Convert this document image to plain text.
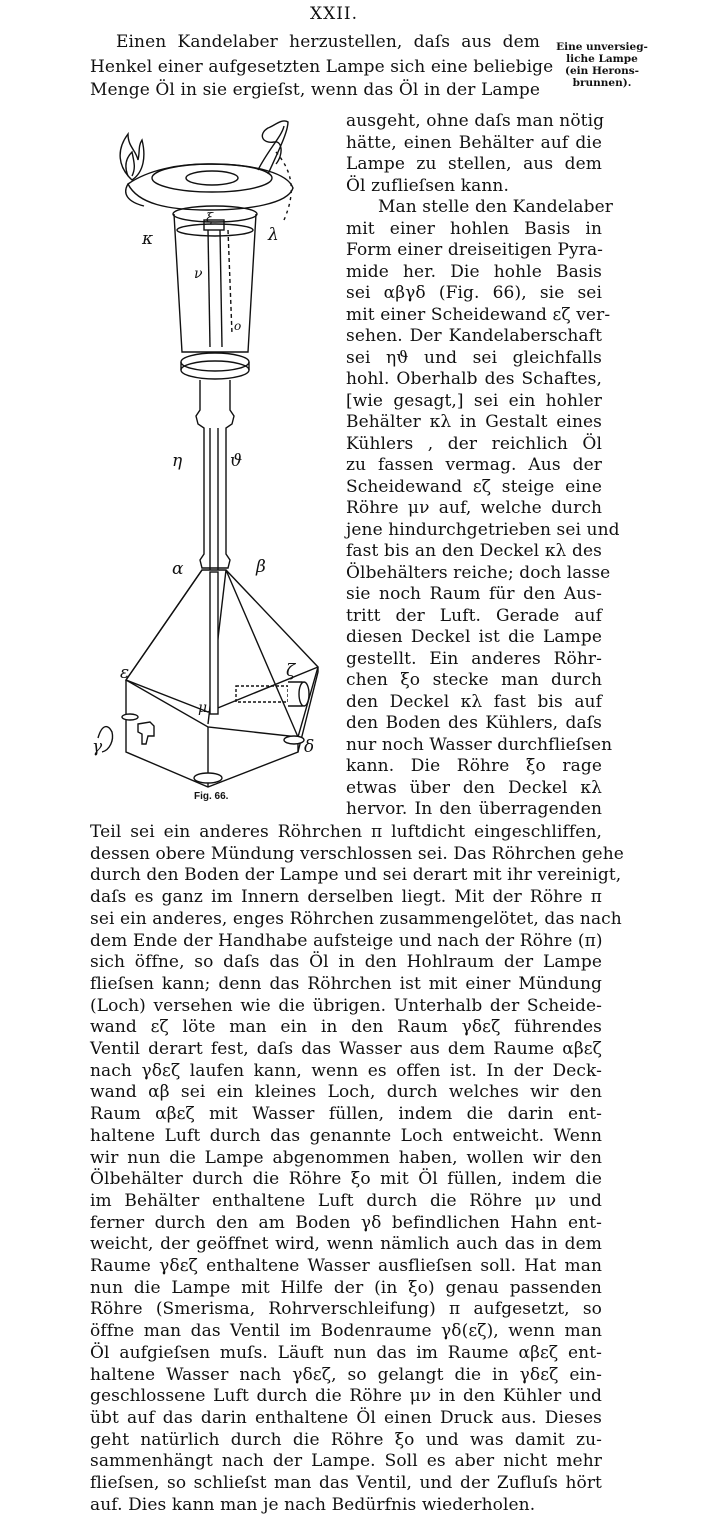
XXII.
Eine unversieg-
liche Lampe
(ein Herons-
brunnen).
Einen Kandelaber herzustellen, daſs aus dem
Henkel einer aufgesetzten Lampe sich eine beliebige
Menge Öl in sie ergieſst, wenn das Öl in der Lampe
ausgeht, ohne daſs man nötig
hätte, einen Behälter auf die
Lampe zu stellen, aus dem
Öl zuflieſsen kann.
Man stelle den Kandelaber
mit einer hohlen Basis in
Form einer dreiseitigen Pyra-
mide her. Die hohle Basis
sei αβγδ (Fig. 66), sie sei
mit einer Scheidewand εζ ver-
sehen. Der Kandelaberschaft
sei ηϑ und sei gleichfalls
hohl. Oberhalb des Schaftes,
[wie gesagt,] sei ein hohler
Behälter κλ in Gestalt eines
Kühlers , der reichlich Öl
zu fassen vermag. Aus der
Scheidewand εζ steige eine
Röhre μν auf, welche durch
jene hindurchgetrieben sei und
fast bis an den Deckel κλ des
Ölbehälters reiche; doch lasse
sie noch Raum für den Aus-
tritt der Luft. Gerade auf
diesen Deckel ist die Lampe
gestellt. Ein anderes Röhr-
chen ξο stecke man durch
den Deckel κλ fast bis auf
den Boden des Kühlers, daſs
nur noch Wasser durchflieſsen
kann. Die Röhre ξο rage
etwas über den Deckel κλ
hervor. In den überragenden
Teil sei ein anderes Röhrchen π luftdicht eingeschliffen,
dessen obere Mündung verschlossen sei. Das Röhrchen gehe
durch den Boden der Lampe und sei derart mit ihr vereinigt,
daſs es ganz im Innern derselben liegt. Mit der Röhre π
sei ein anderes, enges Röhrchen zusammengelötet, das nach
dem Ende der Handhabe aufsteige und nach der Röhre (π)
sich öffne, so daſs das Öl in den Hohlraum der Lampe
flieſsen kann; denn das Röhrchen ist mit einer Mündung
(Loch) versehen wie die übrigen. Unterhalb der Scheide-
wand εζ löte man ein in den Raum γδεζ führendes
Ventil derart fest, daſs das Wasser aus dem Raume αβεζ
nach γδεζ laufen kann, wenn es offen ist. In der Deck-
wand αβ sei ein kleines Loch, durch welches wir den
Raum αβεζ mit Wasser füllen, indem die darin ent-
haltene Luft durch das genannte Loch entweicht. Wenn
wir nun die Lampe abgenommen haben, wollen wir den
Ölbehälter durch die Röhre ξο mit Öl füllen, indem die
im Behälter enthaltene Luft durch die Röhre μν und
ferner durch den am Boden γδ befindlichen Hahn ent-
weicht, der geöffnet wird, wenn nämlich auch das in dem
Raume γδεζ enthaltene Wasser ausflieſsen soll. Hat man
nun die Lampe mit Hilfe der (in ξο) genau passenden
Röhre (Smerisma, Rohrverschleifung) π aufgesetzt, so
öffne man das Ventil im Bodenraume γδ(εζ), wenn man
Öl aufgieſsen muſs. Läuft nun das im Raume αβεζ ent-
haltene Wasser nach γδεζ, so gelangt die in γδεζ ein-
geschlossene Luft durch die Röhre μν in den Kühler und
übt auf das darin enthaltene Öl einen Druck aus. Dieses
geht natürlich durch die Röhre ξο und was damit zu-
sammenhängt nach der Lampe. Soll es aber nicht mehr
flieſsen, so schlieſst man das Ventil, und der Zufluſs hört
auf. Dies kann man je nach Bedürfnis wiederholen.
κ	λ
ξ
ν
ο
η	ϑ
α	β
ε	ζ
γ	δ
μ
Fig. 66.
